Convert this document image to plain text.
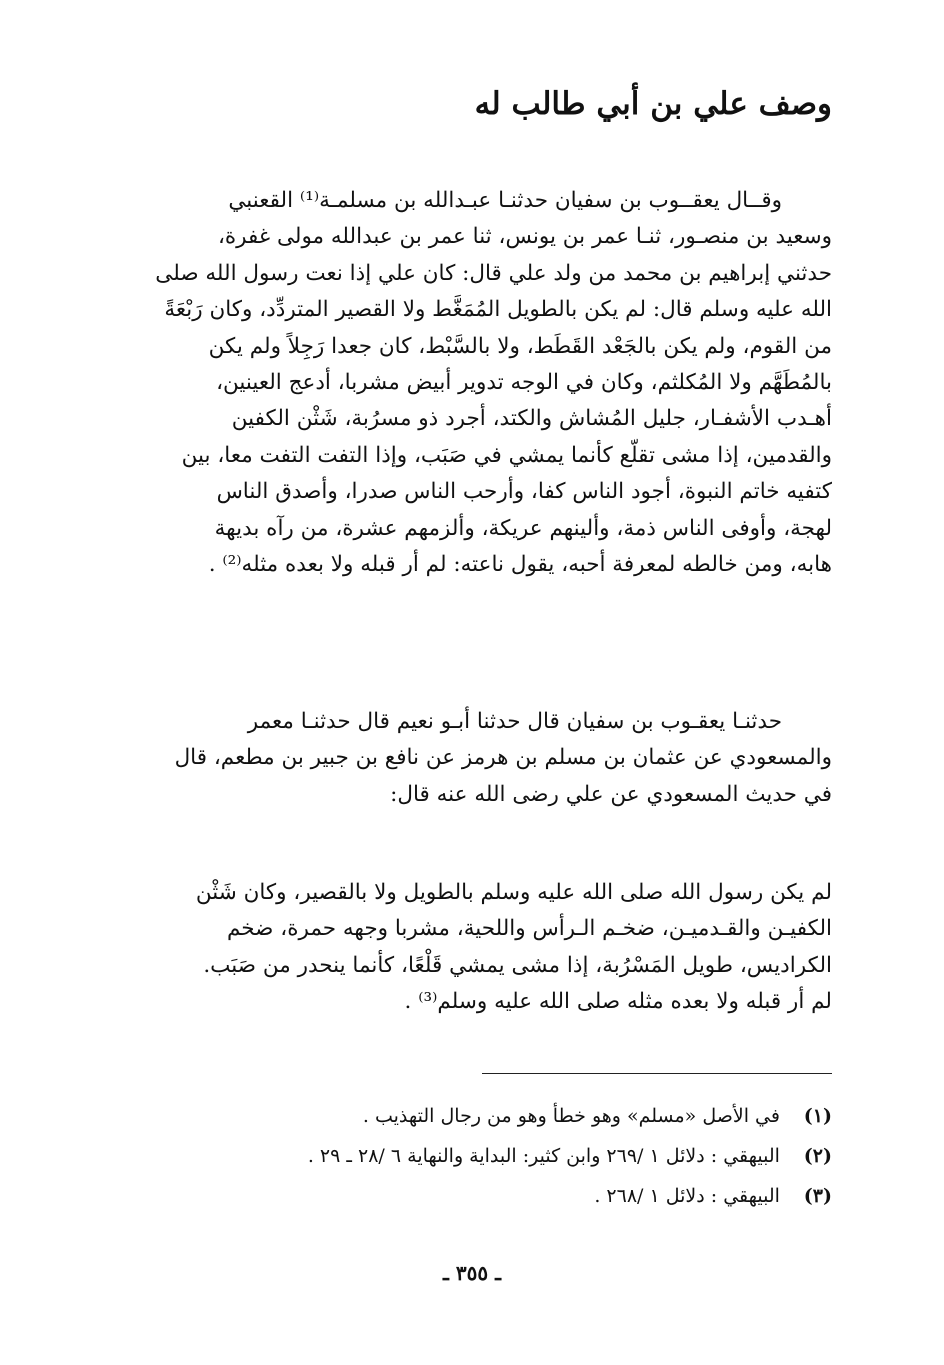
وصف علي بن أبي طالب له

وقــال يعقــوب بن سفيان حدثنـا عبـدالله بن مسلمـة⁽¹⁾ القعنبي
وسعيد بن منصـور، ثنـا عمر بن يونس، ثنا عمر بن عبدالله مولى غفرة،
حدثني إبراهيم بن محمد من ولد علي قال: كان علي إذا نعت رسول الله صلى
الله عليه وسلم قال: لم يكن بالطويل المُمَغَّط ولا القصير المتردِّد، وكان رَبْعَةً
من القوم، ولم يكن بالجَعْد القَطَط، ولا بالسَّبْط، كان جعدا رَجِلاً ولم يكن
بالمُطَهَّم ولا المُكلثم، وكان في الوجه تدوير أبيض مشربا، أدعج العينين،
أهـدب الأشفـار، جليل المُشاش والكتد، أجرد ذو مسرُبة، شَثْن الكفين
والقدمين، إذا مشى تقلّع كأنما يمشي في صَبَب، وإذا التفت التفت معا، بين
كتفيه خاتم النبوة، أجود الناس كفا، وأرحب الناس صدرا، وأصدق الناس
لهجة، وأوفى الناس ذمة، وألينهم عريكة، وألزمهم عشرة، من رآه بديهة
هابه، ومن خالطه لمعرفة أحبه، يقول ناعته: لم أر قبله ولا بعده مثله⁽²⁾ .

حدثنـا يعقـوب بن سفيان قال حدثنا أبـو نعيم قال حدثنـا معمر
والمسعودي عن عثمان بن مسلم بن هرمز عن نافع بن جبير بن مطعم، قال
في حديث المسعودي عن علي رضى الله عنه قال:

لم يكن رسول الله صلى الله عليه وسلم بالطويل ولا بالقصير، وكان شَثْن
الكفيـن والقـدميـن، ضخـم الـرأس واللحية، مشربا وجهه حمرة، ضخم
الكراديس، طويل المَسْرُبة، إذا مشى يمشي قَلْعًا، كأنما ينحدر من صَبَب.
لم أر قبله ولا بعده مثله صلى الله عليه وسلم⁽³⁾ .

(١) في الأصل «مسلم» وهو خطأ وهو من رجال التهذيب .
(٢) البيهقي : دلائل ١ /٢٦٩ وابن كثير: البداية والنهاية ٦ /٢٨ ـ ٢٩ .
(٣) البيهقي : دلائل ١ /٢٦٨ .
ـ ٣٥٥ ـ
